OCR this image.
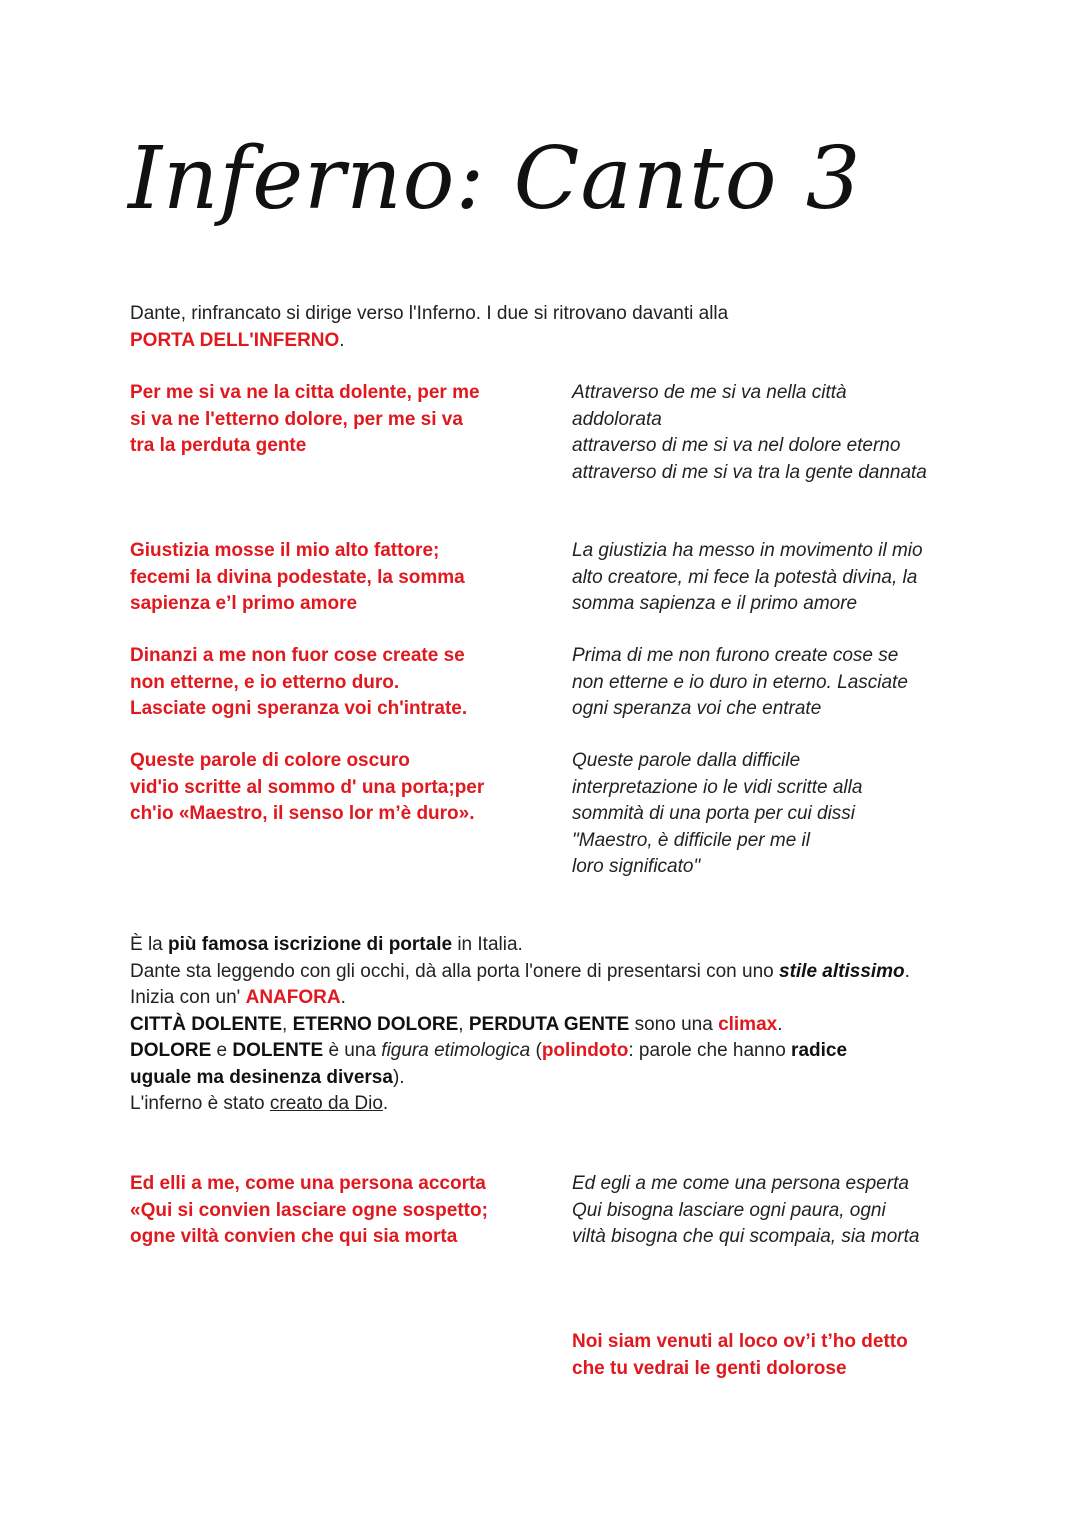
Inferno: Canto 3

Dante, rinfrancato si dirige verso l'Inferno. I due si ritrovano davanti alla

PORTA DELL'INFERNO.

Per me si va ne la citta dolente, per me

si va ne l'etterno dolore, per me si va

tra la perduta gente

Attraverso de me si va nella città

addolorata

attraverso di me si va nel dolore eterno

attraverso di me si va tra la gente dannata

Giustizia mosse il mio alto fattore;

fecemi la divina podestate, la somma

sapienza e’l primo amore

La giustizia ha messo in movimento il mio

alto creatore, mi fece la potestà divina, la

somma sapienza e il primo amore

Dinanzi a me non fuor cose create se

non etterne, e io etterno duro.

Lasciate ogni speranza voi ch'intrate.

Prima di me non furono create cose se

non etterne e io duro in eterno. Lasciate

ogni speranza voi che entrate

Queste parole di colore oscuro

vid'io scritte al sommo d' una porta;per

ch'io «Maestro, il senso lor m’è duro».

Queste parole dalla difficile

interpretazione io le vidi scritte alla

sommità di una porta per cui dissi

"Maestro, è difficile per me il

loro significato"

È la più famosa iscrizione di portale in Italia.

Dante sta leggendo con gli occhi, dà alla porta l'onere di presentarsi con uno stile altissimo.

Inizia con un' ANAFORA.

CITTÀ DOLENTE, ETERNO DOLORE, PERDUTA GENTE sono una climax.

DOLORE e DOLENTE è una figura etimologica (polindoto: parole che hanno radice

uguale ma desinenza diversa).

L'inferno è stato creato da Dio.

Ed elli a me, come una persona accorta

«Qui si convien lasciare ogne sospetto;

ogne viltà convien che qui sia morta

Ed egli a me come una persona esperta

Qui bisogna lasciare ogni paura, ogni

viltà bisogna che qui scompaia, sia morta

Noi siam venuti al loco ov’i t’ho detto

che tu vedrai le genti dolorose
